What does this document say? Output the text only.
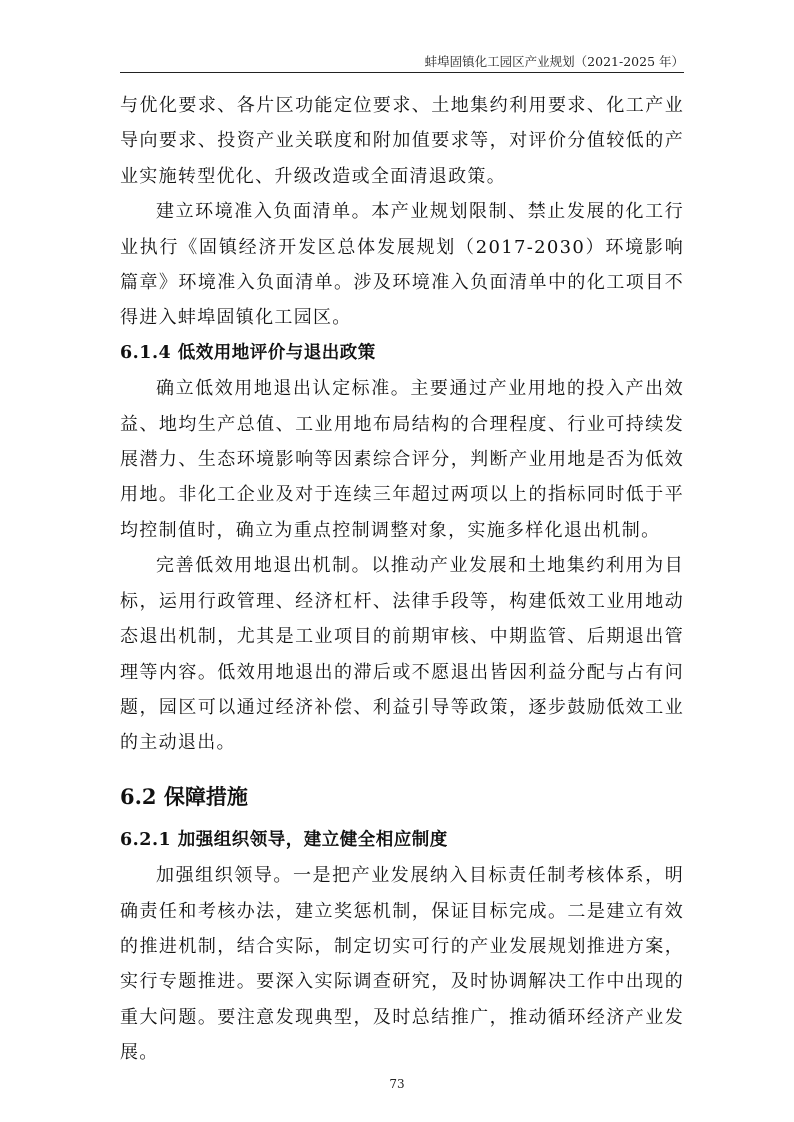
蚌埠固镇化工园区产业规划（2021-2025 年）

与优化要求、各片区功能定位要求、土地集约利用要求、化工产业导向要求、投资产业关联度和附加值要求等，对评价分值较低的产业实施转型优化、升级改造或全面清退政策。

建立环境准入负面清单。本产业规划限制、禁止发展的化工行业执行《固镇经济开发区总体发展规划（2017-2030）环境影响篇章》环境准入负面清单。涉及环境准入负面清单中的化工项目不得进入蚌埠固镇化工园区。

6.1.4 低效用地评价与退出政策

确立低效用地退出认定标准。主要通过产业用地的投入产出效益、地均生产总值、工业用地布局结构的合理程度、行业可持续发展潜力、生态环境影响等因素综合评分，判断产业用地是否为低效用地。非化工企业及对于连续三年超过两项以上的指标同时低于平均控制值时，确立为重点控制调整对象，实施多样化退出机制。

完善低效用地退出机制。以推动产业发展和土地集约利用为目标，运用行政管理、经济杠杆、法律手段等，构建低效工业用地动态退出机制，尤其是工业项目的前期审核、中期监管、后期退出管理等内容。低效用地退出的滞后或不愿退出皆因利益分配与占有问题，园区可以通过经济补偿、利益引导等政策，逐步鼓励低效工业的主动退出。

6.2 保障措施
6.2.1 加强组织领导，建立健全相应制度

加强组织领导。一是把产业发展纳入目标责任制考核体系，明确责任和考核办法，建立奖惩机制，保证目标完成。二是建立有效的推进机制，结合实际，制定切实可行的产业发展规划推进方案，实行专题推进。要深入实际调查研究，及时协调解决工作中出现的重大问题。要注意发现典型，及时总结推广，推动循环经济产业发展。

73
